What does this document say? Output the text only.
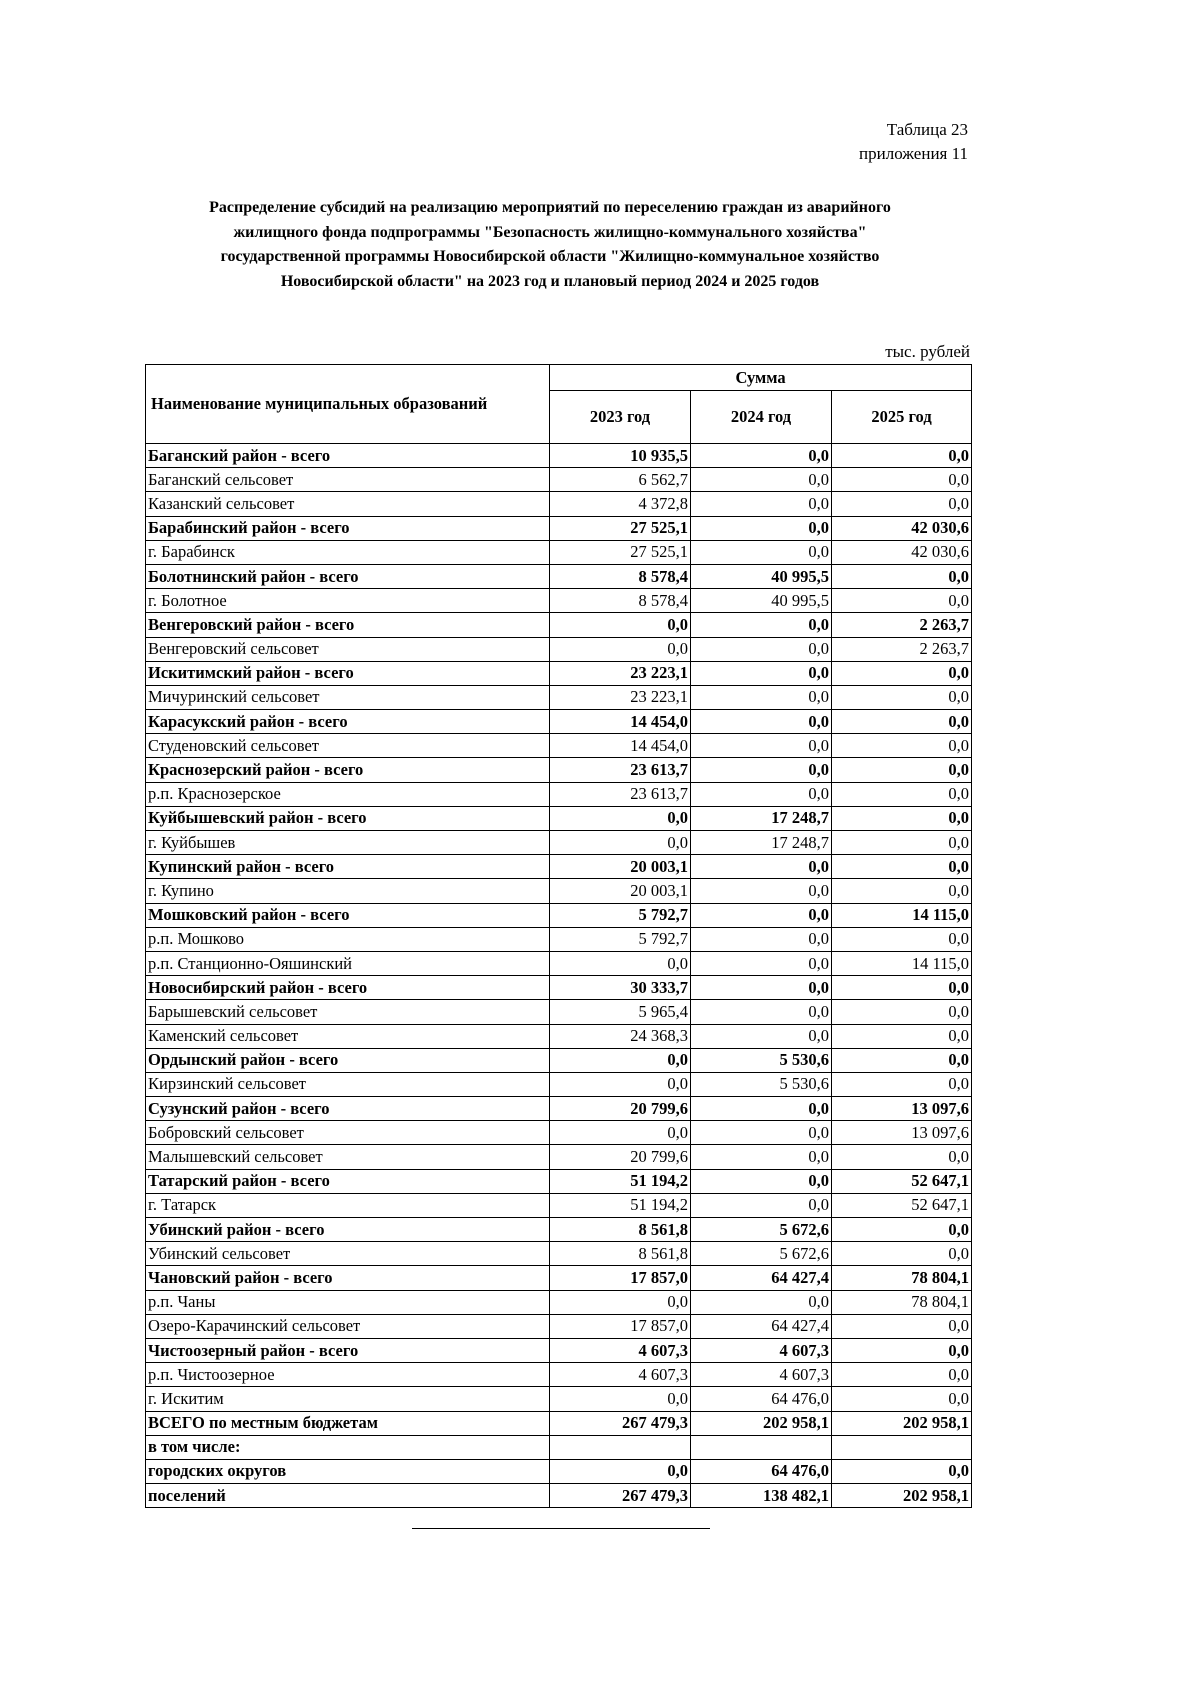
Таблица 23
приложения 11
Распределение субсидий на реализацию мероприятий по переселению граждан из аварийного
жилищного фонда подпрограммы "Безопасность жилищно-коммунального хозяйства"
государственной программы Новосибирской области "Жилищно-коммунальное хозяйство
Новосибирской области" на 2023 год и плановый период 2024 и 2025 годов
тыс. рублей
Наименование муниципальных образований	Сумма		
	2023 год	2024 год	2025 год
Баганский район - всего	10 935,5	0,0	0,0
Баганский сельсовет	6 562,7	0,0	0,0
Казанский сельсовет	4 372,8	0,0	0,0
Барабинский район - всего	27 525,1	0,0	42 030,6
г. Барабинск	27 525,1	0,0	42 030,6
Болотнинский район - всего	8 578,4	40 995,5	0,0
г. Болотное	8 578,4	40 995,5	0,0
Венгеровский район - всего	0,0	0,0	2 263,7
Венгеровский сельсовет	0,0	0,0	2 263,7
Искитимский район - всего	23 223,1	0,0	0,0
Мичуринский сельсовет	23 223,1	0,0	0,0
Карасукский район - всего	14 454,0	0,0	0,0
Студеновский сельсовет	14 454,0	0,0	0,0
Краснозерский район - всего	23 613,7	0,0	0,0
р.п. Краснозерское	23 613,7	0,0	0,0
Куйбышевский район - всего	0,0	17 248,7	0,0
г. Куйбышев	0,0	17 248,7	0,0
Купинский район - всего	20 003,1	0,0	0,0
г. Купино	20 003,1	0,0	0,0
Мошковский район - всего	5 792,7	0,0	14 115,0
р.п. Мошково	5 792,7	0,0	0,0
р.п. Станционно-Ояшинский	0,0	0,0	14 115,0
Новосибирский район - всего	30 333,7	0,0	0,0
Барышевский сельсовет	5 965,4	0,0	0,0
Каменский сельсовет	24 368,3	0,0	0,0
Ордынский район - всего	0,0	5 530,6	0,0
Кирзинский сельсовет	0,0	5 530,6	0,0
Сузунский район - всего	20 799,6	0,0	13 097,6
Бобровский сельсовет	0,0	0,0	13 097,6
Малышевский сельсовет	20 799,6	0,0	0,0
Татарский район - всего	51 194,2	0,0	52 647,1
г. Татарск	51 194,2	0,0	52 647,1
Убинский район - всего	8 561,8	5 672,6	0,0
Убинский сельсовет	8 561,8	5 672,6	0,0
Чановский район - всего	17 857,0	64 427,4	78 804,1
р.п. Чаны	0,0	0,0	78 804,1
Озеро-Карачинский сельсовет	17 857,0	64 427,4	0,0
Чистоозерный район - всего	4 607,3	4 607,3	0,0
р.п. Чистоозерное	4 607,3	4 607,3	0,0
г. Искитим	0,0	64 476,0	0,0
ВСЕГО по местным бюджетам	267 479,3	202 958,1	202 958,1
в том числе:			
городских округов	0,0	64 476,0	0,0
поселений	267 479,3	138 482,1	202 958,1
